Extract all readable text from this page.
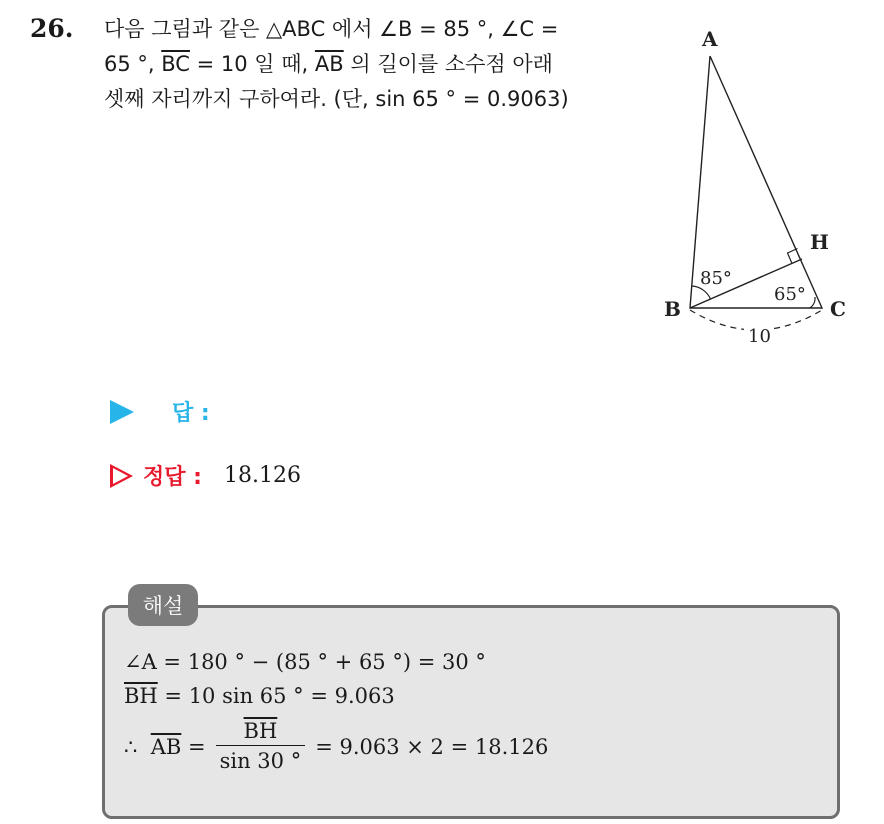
26. 다음 그림과 같은 △ABC 에서 ∠B = 85 °, ∠C =
65 °, $\overline{BC} = 10$ 일 때, $\overline{AB}$ 의 길이를 소수점 아래
셋째 자리까지 구하여라. (단, sin 65 ° = 0.9063)
A
B	C
H
85°
65°
10
답 :
정답 : 18.126
해설
∠A = 180 ° − (85 ° + 65 °) = 30 °
$\overline{BH} = 10$ sin 65 ° = 9.063
∴ $\overline{AB} = \frac{\overline{BH}}{\sin 30 ^\circ} = 9.063 \times 2 = 18.126$
